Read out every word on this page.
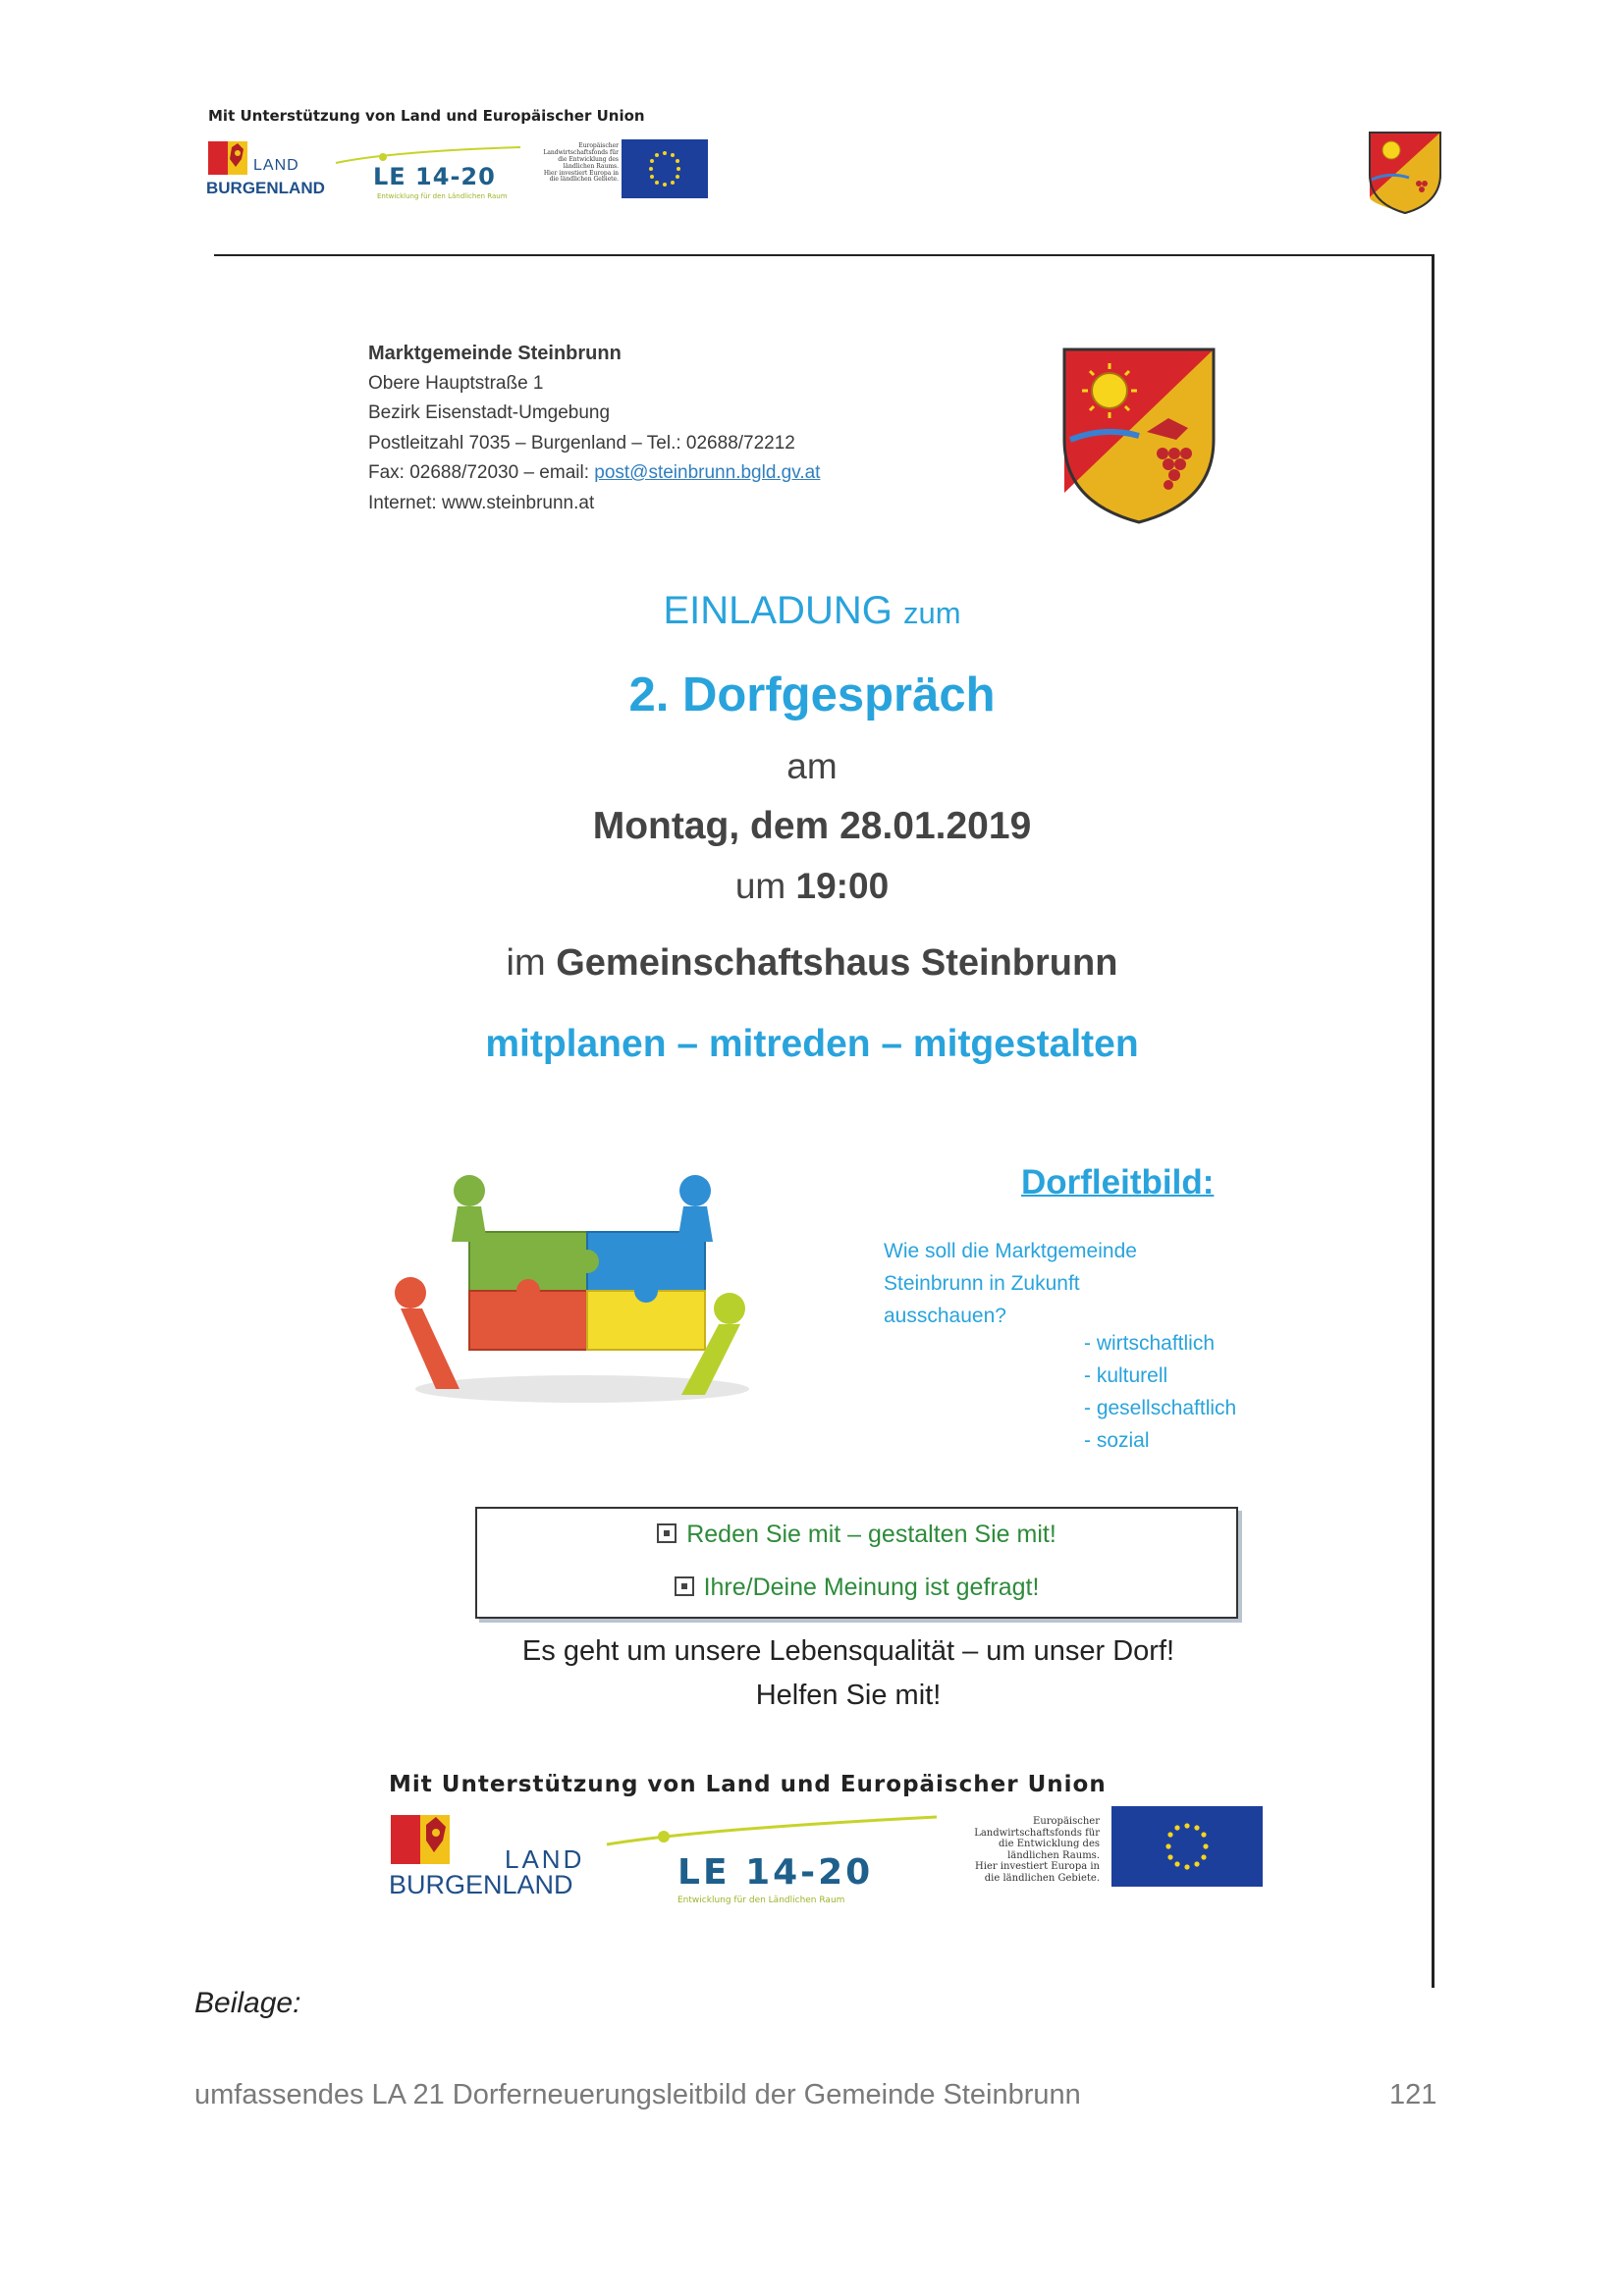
Mit Unterstützung von Land und Europäischer Union
LAND
BURGENLAND LE 14-20
Entwicklung für den Ländlichen Raum
Europäischer
Landwirtschaftsfonds für
die Entwicklung des
ländlichen Raums.
Hier investiert Europa in
die ländlichen Gebiete.
Marktgemeinde Steinbrunn
Obere Hauptstraße 1
Bezirk Eisenstadt-Umgebung
Postleitzahl 7035 – Burgenland – Tel.: 02688/72212
Fax: 02688/72030 – email: post@steinbrunn.bgld.gv.at
Internet: www.steinbrunn.at
EINLADUNG zum
2. Dorfgespräch
am
Montag, dem 28.01.2019
um 19:00
im Gemeinschaftshaus Steinbrunn
mitplanen – mitreden – mitgestalten
Dorfleitbild:
Wie soll die Marktgemeinde
Steinbrunn in Zukunft
ausschauen?
- wirtschaftlich
- kulturell
- gesellschaftlich
- sozial
Reden Sie mit – gestalten Sie mit!
Ihre/Deine Meinung ist gefragt!
Es geht um unsere Lebensqualität – um unser Dorf!
Helfen Sie mit!
Mit Unterstützung von Land und Europäischer Union
LAND
BURGENLAND	LE 14-20
Entwicklung für den Ländlichen Raum
Europäischer
Landwirtschaftsfonds für
die Entwicklung des
ländlichen Raums.
Hier investiert Europa in
die ländlichen Gebiete.
Beilage:
umfassendes LA 21 Dorferneuerungsleitbild der Gemeinde Steinbrunn	121
